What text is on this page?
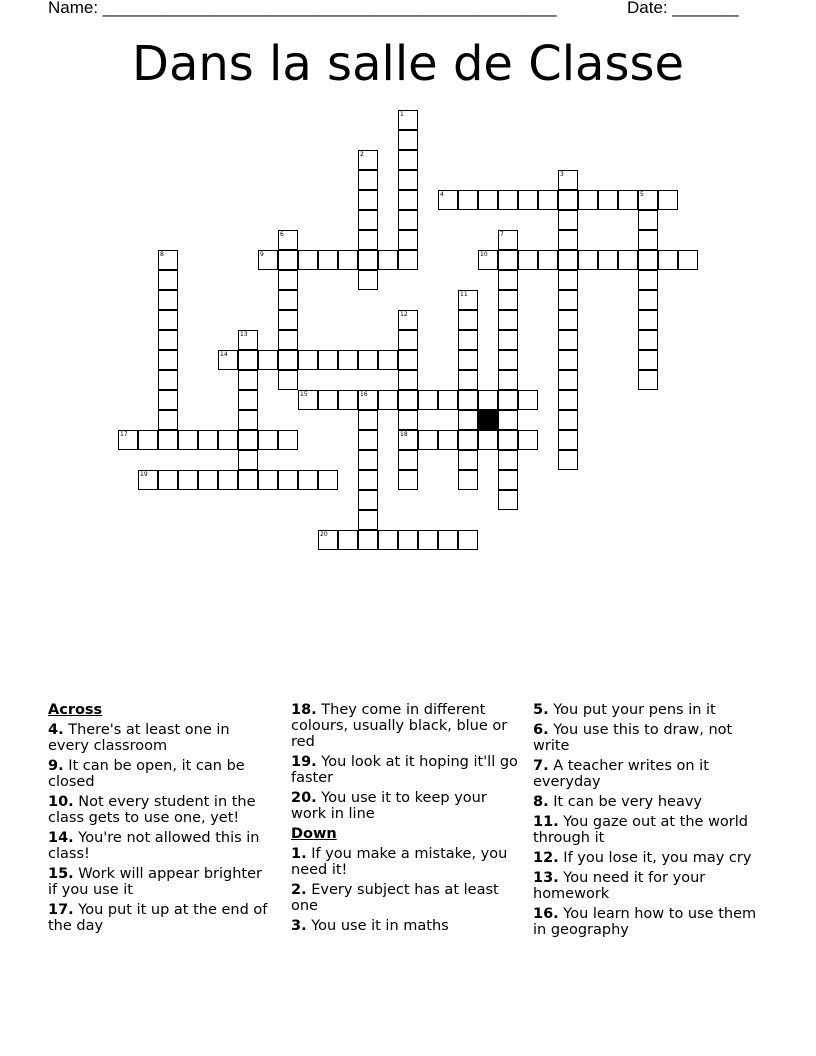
Name: ________________________________________________	Date: _______
Dans la salle de Classe
1
2
3
4	5
6	7
8	9	10
11
12
18
13
14
15	16
17
19
20
Across
4. There's at least one in every classroom
9. It can be open, it can be closed
10. Not every student in the class gets to use one, yet!
14. You're not allowed this in class!
15. Work will appear brighter if you use it
17. You put it up at the end of the day
18. They come in different colours, usually black, blue or red
19. You look at it hoping it'll go faster
20. You use it to keep your work in line
Down
1. If you make a mistake, you need it!
2. Every subject has at least one
3. You use it in maths
5. You put your pens in it
6. You use this to draw, not write
7. A teacher writes on it everyday
8. It can be very heavy
11. You gaze out at the world through it
12. If you lose it, you may cry
13. You need it for your homework
16. You learn how to use them in geography
